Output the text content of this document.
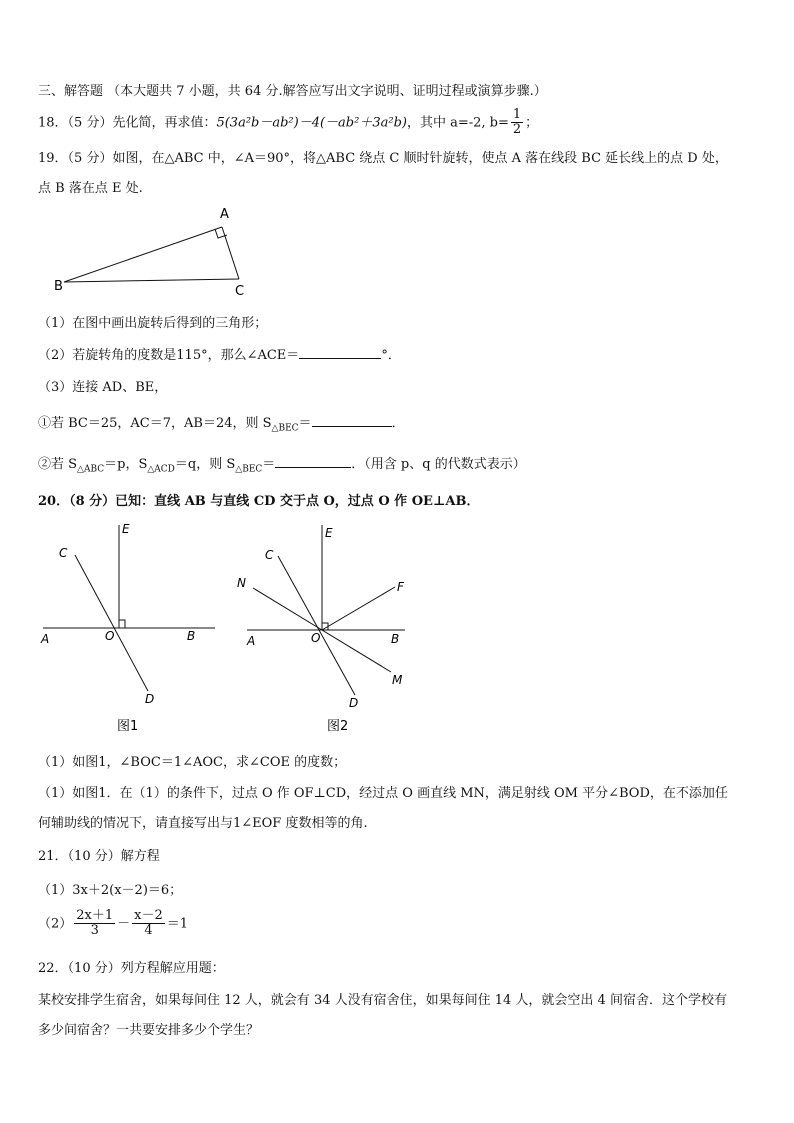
三、解答题 （本大题共 7 小题，共 64 分.解答应写出文字说明、证明过程或演算步骤.）
18．（5 分）先化简，再求值：5(3a²b－ab²)－4(－ab²＋3a²b)，其中 a=-2, $b= \frac{1}{2}$ ；
19．（5 分）如图，在△ABC 中，∠A＝90°，将△ABC 绕点 C 顺时针旋转，使点 A 落在线段 BC 延长线上的点 D 处，
点 B 落在点 E 处.
A
B	C
（1）在图中画出旋转后得到的三角形；
（2）若旋转角的度数是115°，那么∠ACE＝	°．
（3）连接 AD、BE，
①若 BC＝25，AC＝7，AB＝24，则 $S_{\triangle BEC}=$	．
②若 $S_{\triangle ABC}=p$，$S_{\triangle ACD}=q$，则 $S_{\triangle BEC}=$	．（用含 p、q 的代数式表示）
20．（8 分）已知：直线 AB 与直线 CD 交于点 O，过点 O 作 OE⊥AB．
A	B
C
D
E
O
图1
A	B
C
D
E
F
M
N
O
图2
（1）如图1，∠BOC＝1∠AOC，求∠COE 的度数；
（1）如图1．在（1）的条件下，过点 O 作 OF⊥CD，经过点 O 画直线 MN，满足射线 OM 平分∠BOD，在不添加任
何辅助线的情况下，请直接写出与1∠EOF 度数相等的角.
21．（10 分）解方程
（1）3x＋2(x－2)＝6；
$(2) \frac{2x+1}{3} - \frac{x-2}{4} =1$
22．（10 分）列方程解应用题：
某校安排学生宿舍，如果每间住 12 人，就会有 34 人没有宿舍住，如果每间住 14 人，就会空出 4 间宿舍．这个学校有
多少间宿舍？一共要安排多少个学生？
